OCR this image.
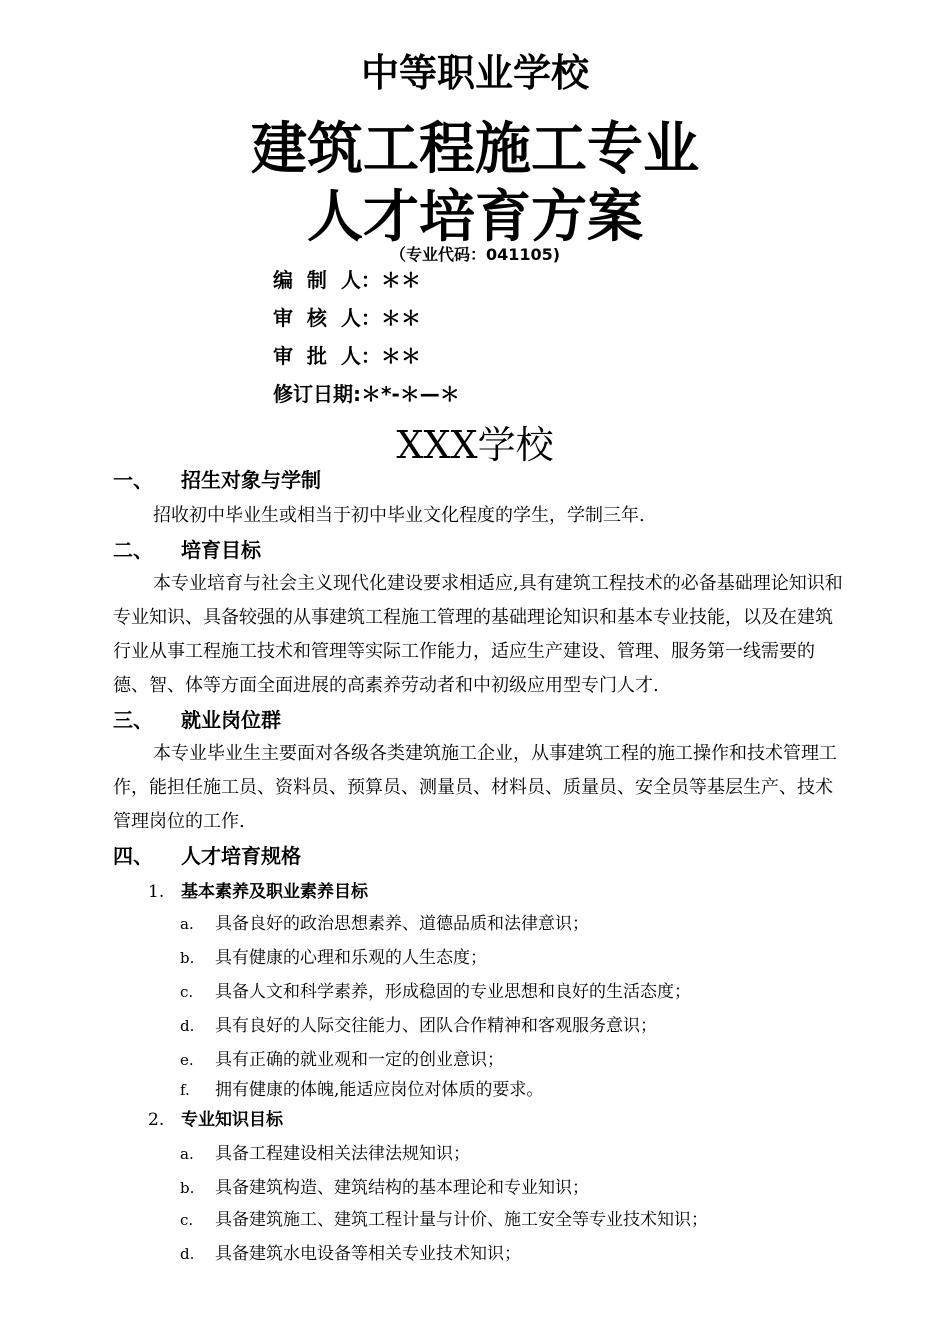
中等职业学校
建筑工程施工专业
人才培育方案
（专业代码：041105)
编  制  人：＊＊
审  核  人：＊＊
审  批  人：＊＊
修订日期:＊*-＊—＊
XXX学校
一、 招生对象与学制
招收初中毕业生或相当于初中毕业文化程度的学生，学制三年.
二、 培育目标
本专业培育与社会主义现代化建设要求相适应,具有建筑工程技术的必备基础理论知识和专业知识、具备较强的从事建筑工程施工管理的基础理论知识和基本专业技能，以及在建筑行业从事工程施工技术和管理等实际工作能力，适应生产建设、管理、服务第一线需要的德、智、体等方面全面进展的高素养劳动者和中初级应用型专门人才.
三、 就业岗位群
本专业毕业生主要面对各级各类建筑施工企业，从事建筑工程的施工操作和技术管理工作，能担任施工员、资料员、预算员、测量员、材料员、质量员、安全员等基层生产、技术管理岗位的工作.
四、 人才培育规格
1. 基本素养及职业素养目标
a. 具备良好的政治思想素养、道德品质和法律意识；
b. 具有健康的心理和乐观的人生态度；
c. 具备人文和科学素养，形成稳固的专业思想和良好的生活态度；
d. 具有良好的人际交往能力、团队合作精神和客观服务意识；
e. 具有正确的就业观和一定的创业意识；
f. 拥有健康的体魄,能适应岗位对体质的要求。
2. 专业知识目标
a. 具备工程建设相关法律法规知识；
b. 具备建筑构造、建筑结构的基本理论和专业知识；
c. 具备建筑施工、建筑工程计量与计价、施工安全等专业技术知识；
d. 具备建筑水电设备等相关专业技术知识；
